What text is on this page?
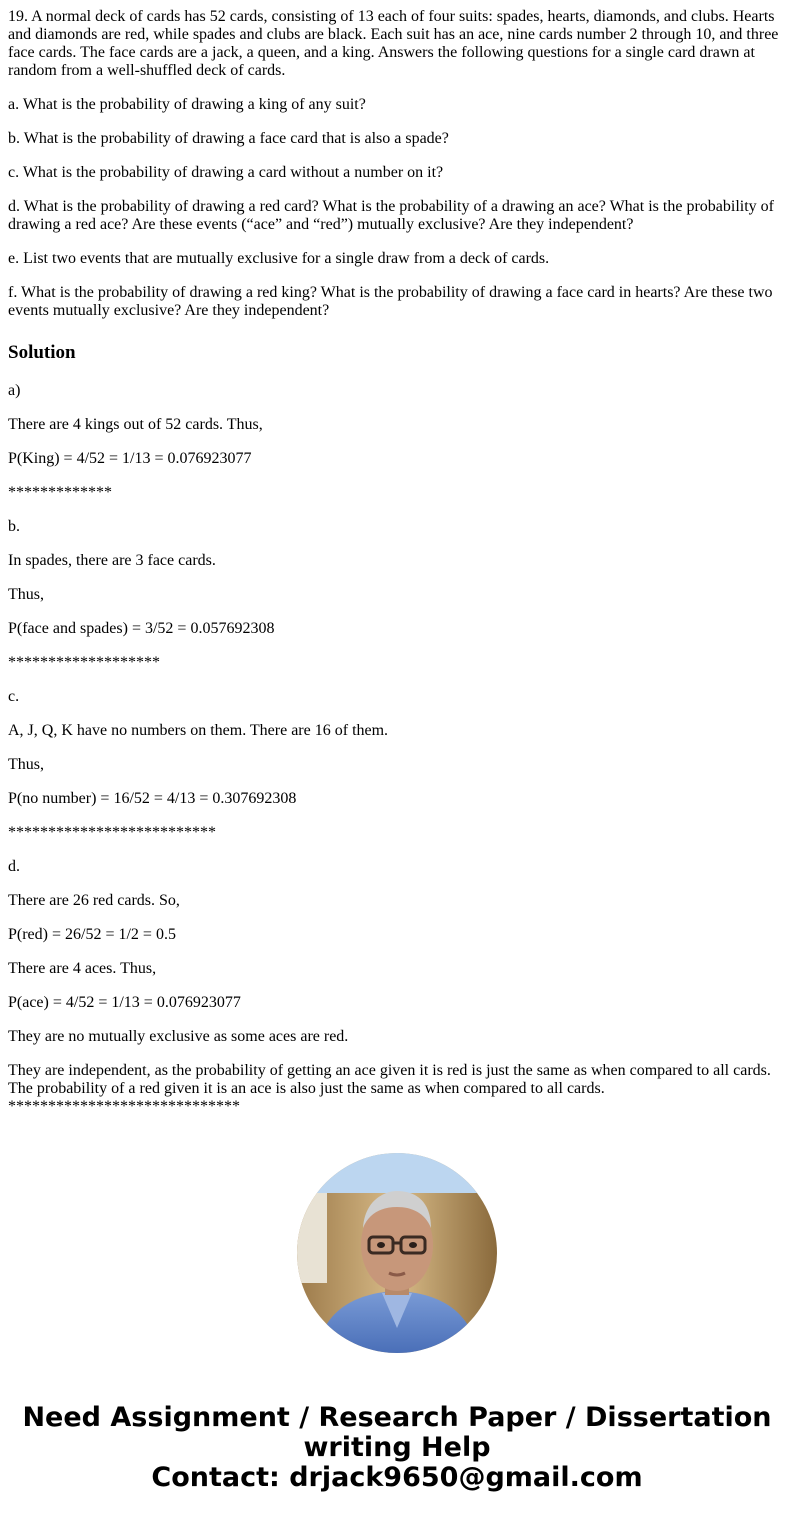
19. A normal deck of cards has 52 cards, consisting of 13 each of four suits: spades, hearts, diamonds, and clubs. Hearts and diamonds are red, while spades and clubs are black. Each suit has an ace, nine cards number 2 through 10, and three face cards. The face cards are a jack, a queen, and a king. Answers the following questions for a single card drawn at random from a well-shuffled deck of cards.

a. What is the probability of drawing a king of any suit?

b. What is the probability of drawing a face card that is also a spade?

c. What is the probability of drawing a card without a number on it?

d. What is the probability of drawing a red card? What is the probability of a drawing an ace? What is the probability of drawing a red ace? Are these events (“ace” and “red”) mutually exclusive? Are they independent?

e. List two events that are mutually exclusive for a single draw from a deck of cards.

f. What is the probability of drawing a red king? What is the probability of drawing a face card in hearts? Are these two events mutually exclusive? Are they independent?

Solution

a)

There are 4 kings out of 52 cards. Thus,

P(King) = 4/52 = 1/13 = 0.076923077

*************

b.

In spades, there are 3 face cards.

Thus,

P(face and spades) = 3/52 = 0.057692308

*******************

c.

A, J, Q, K have no numbers on them. There are 16 of them.

Thus,

P(no number) = 16/52 = 4/13 = 0.307692308

**************************

d.

There are 26 red cards. So,

P(red) = 26/52 = 1/2 = 0.5

There are 4 aces. Thus,

P(ace) = 4/52 = 1/13 = 0.076923077

They are no mutually exclusive as some aces are red.

They are independent, as the probability of getting an ace given it is red is just the same as when compared to all cards. The probability of a red given it is an ace is also just the same as when compared to all cards.

*****************************

Need Assignment / Research Paper / Dissertation
writing Help
Contact: drjack9650@gmail.com
